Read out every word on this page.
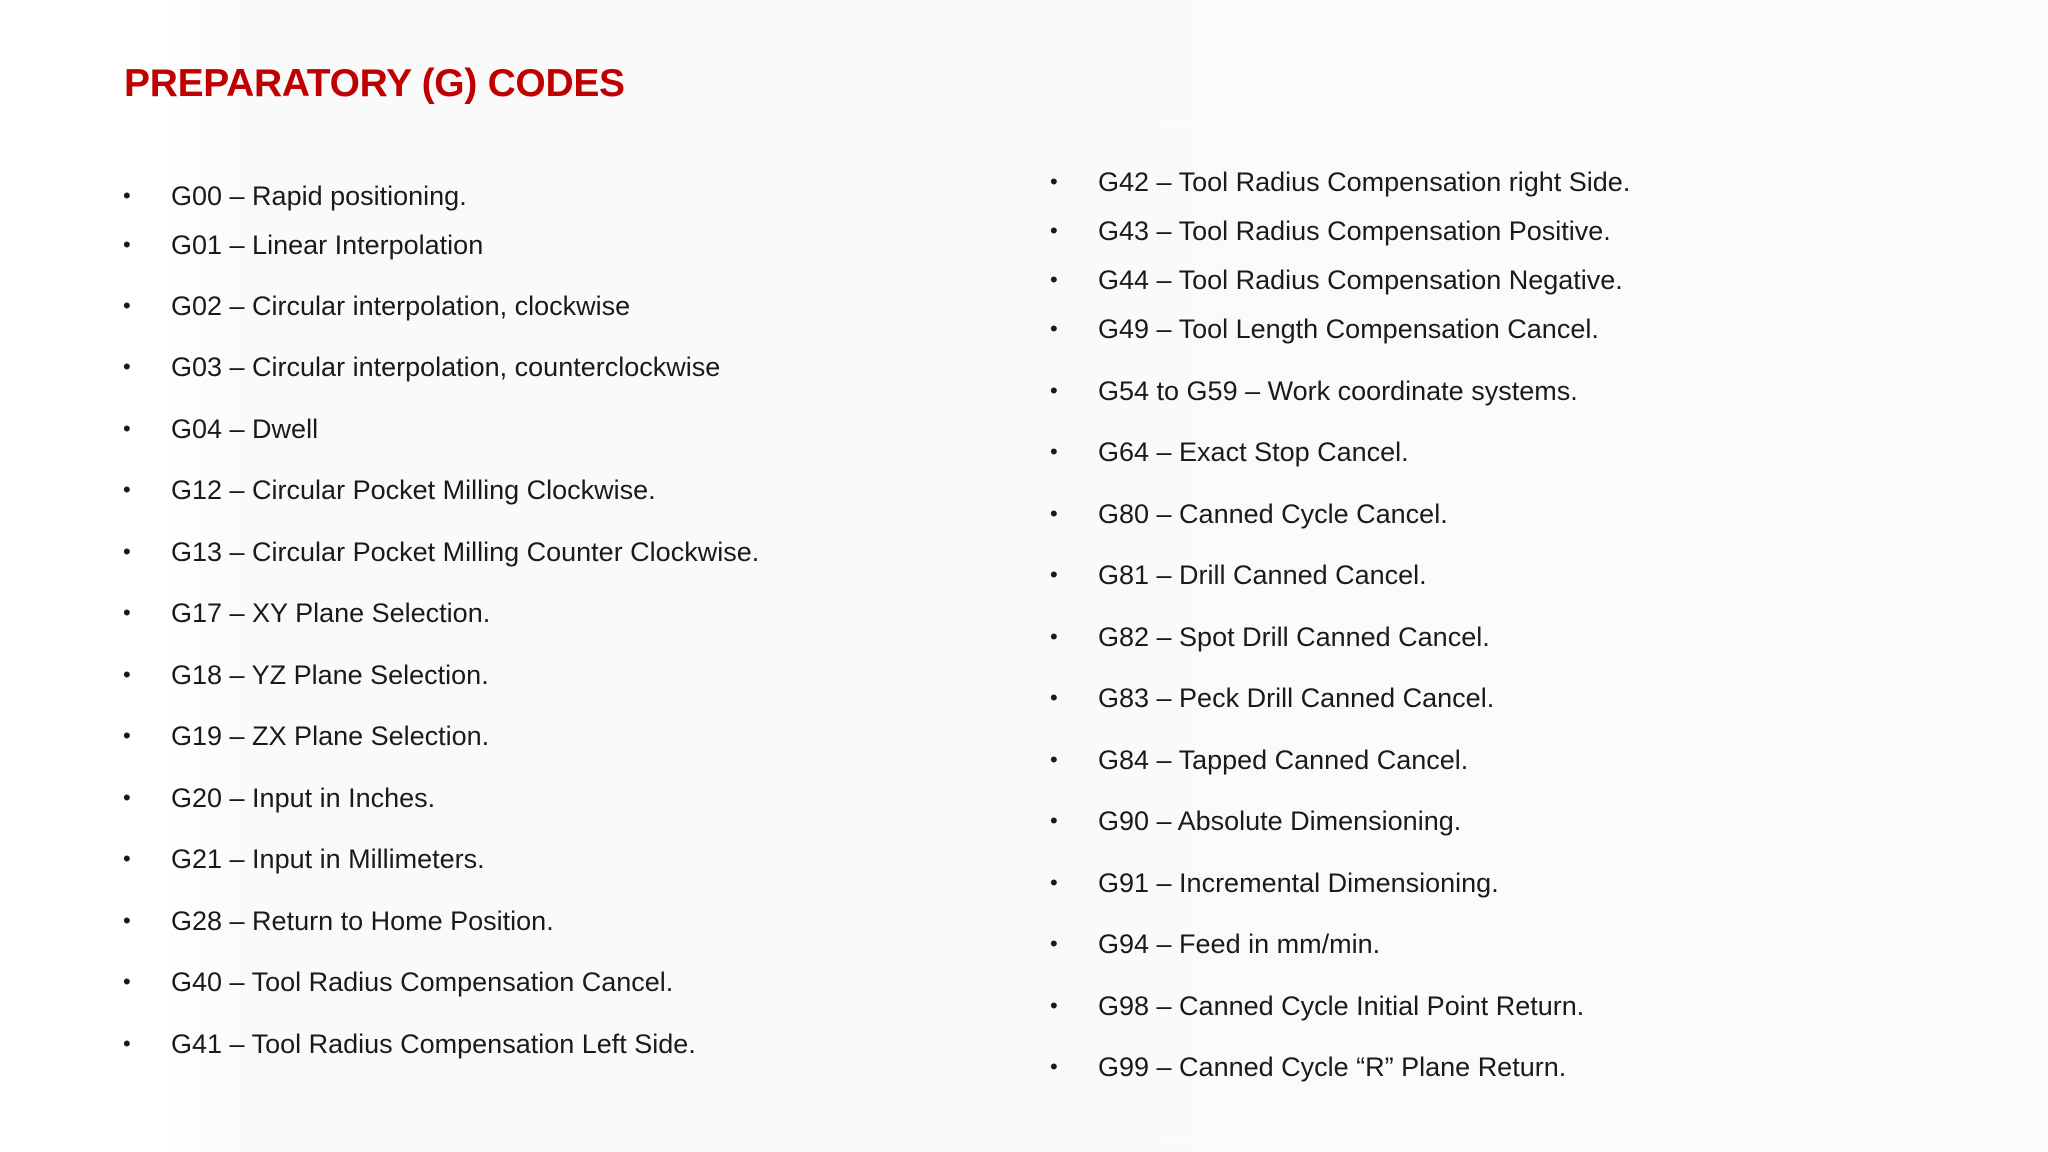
PREPARATORY (G) CODES
•	G00 – Rapid positioning.
•	G01 – Linear Interpolation
•	G02 – Circular interpolation, clockwise
•	G03 – Circular interpolation, counterclockwise
•	G04 – Dwell
•	G12 – Circular Pocket Milling Clockwise.
•	G13 – Circular Pocket Milling Counter Clockwise.
•	G17 – XY Plane Selection.
•	G18 – YZ Plane Selection.
•	G19 – ZX Plane Selection.
•	G20 – Input in Inches.
•	G21 – Input in Millimeters.
•	G28 – Return to Home Position.
•	G40 – Tool Radius Compensation Cancel.
•	G41 – Tool Radius Compensation Left Side.
•	G42 – Tool Radius Compensation right Side.
•	G43 – Tool Radius Compensation Positive.
•	G44 – Tool Radius Compensation Negative.
•	G49 – Tool Length Compensation Cancel.
•	G54 to G59 – Work coordinate systems.
•	G64 – Exact Stop Cancel.
•	G80 – Canned Cycle Cancel.
•	G81 – Drill Canned Cancel.
•	G82 – Spot Drill Canned Cancel.
•	G83 – Peck Drill Canned Cancel.
•	G84 – Tapped Canned Cancel.
•	G90 – Absolute Dimensioning.
•	G91 – Incremental Dimensioning.
•	G94 – Feed in mm/min.
•	G98 – Canned Cycle Initial Point Return.
•	G99 – Canned Cycle “R” Plane Return.
